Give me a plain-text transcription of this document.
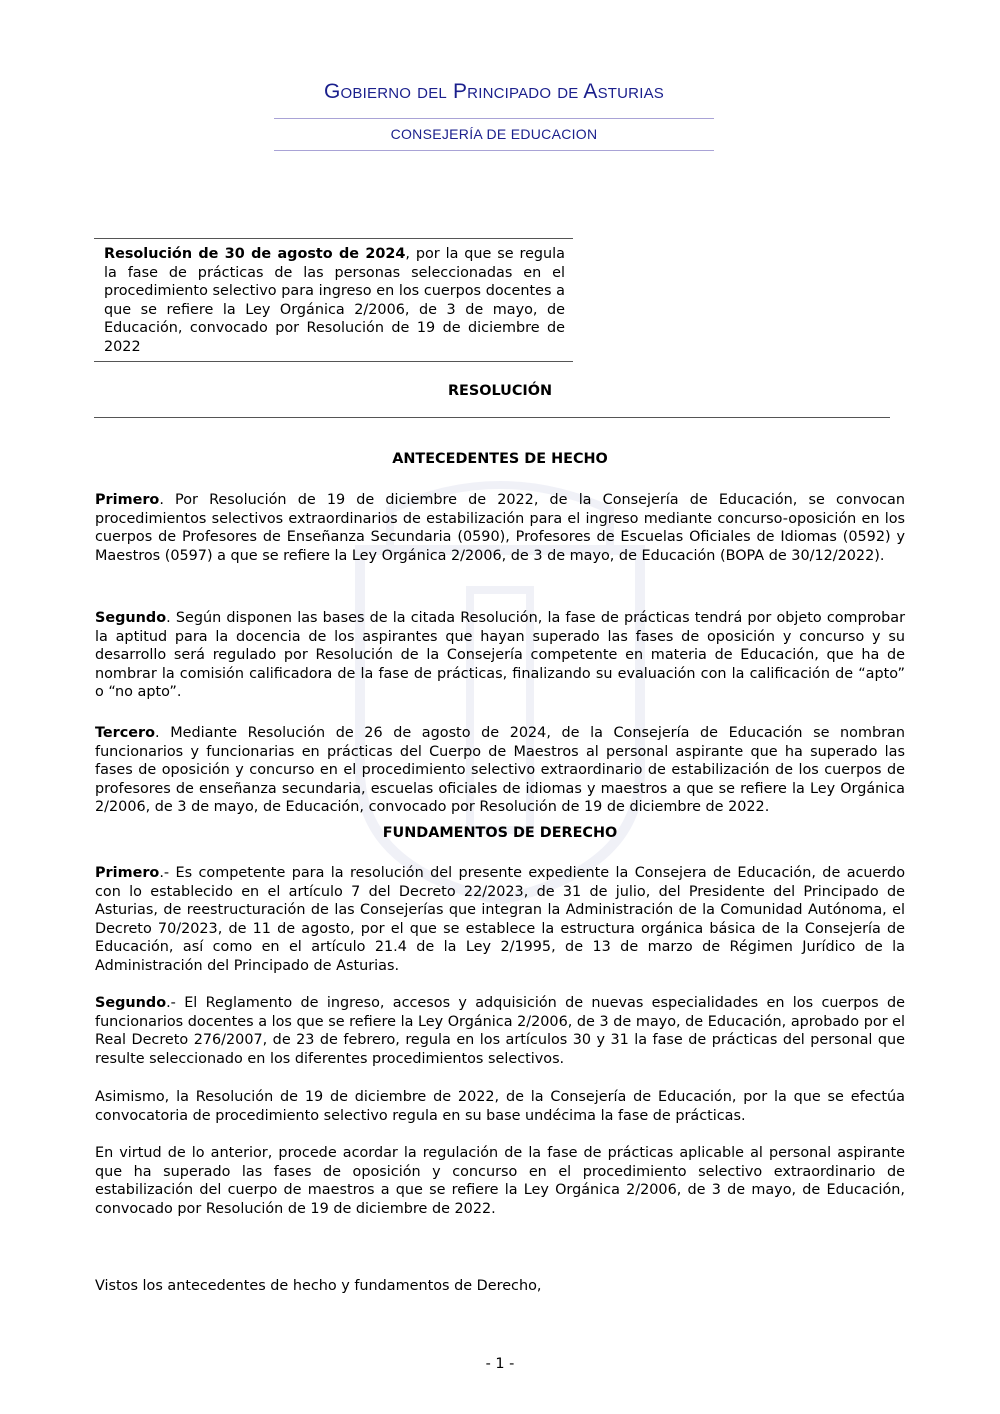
Gobierno del Principado de Asturias
CONSEJERÍA DE EDUCACION
Resolución de 30 de agosto de 2024, por la que se regula la fase de prácticas de las personas seleccionadas en el procedimiento selectivo para ingreso en los cuerpos docentes a que se refiere la Ley Orgánica 2/2006, de 3 de mayo, de Educación, convocado por Resolución de 19 de diciembre de 2022
RESOLUCIÓN
ANTECEDENTES DE HECHO
Primero. Por Resolución de 19 de diciembre de 2022, de la Consejería de Educación, se convocan procedimientos selectivos extraordinarios de estabilización para el ingreso mediante concurso-oposición en los cuerpos de Profesores de Enseñanza Secundaria (0590), Profesores de Escuelas Oficiales de Idiomas (0592) y Maestros (0597) a que se refiere la Ley Orgánica 2/2006, de 3 de mayo, de Educación (BOPA de 30/12/2022).
Segundo. Según disponen las bases de la citada Resolución, la fase de prácticas tendrá por objeto comprobar la aptitud para la docencia de los aspirantes que hayan superado las fases de oposición y concurso y su desarrollo será regulado por Resolución de la Consejería competente en materia de Educación, que ha de nombrar la comisión calificadora de la fase de prácticas, finalizando su evaluación con la calificación de “apto” o “no apto”.
Tercero. Mediante Resolución de 26 de agosto de 2024, de la Consejería de Educación se nombran funcionarios y funcionarias en prácticas del Cuerpo de Maestros al personal aspirante que ha superado las fases de oposición y concurso en el procedimiento selectivo extraordinario de estabilización de los cuerpos de profesores de enseñanza secundaria, escuelas oficiales de idiomas y maestros a que se refiere la Ley Orgánica 2/2006, de 3 de mayo, de Educación, convocado por Resolución de 19 de diciembre de 2022.
FUNDAMENTOS DE DERECHO
Primero.- Es competente para la resolución del presente expediente la Consejera de Educación, de acuerdo con lo establecido en el artículo 7 del Decreto 22/2023, de 31 de julio, del Presidente del Principado de Asturias, de reestructuración de las Consejerías que integran la Administración de la Comunidad Autónoma, el Decreto 70/2023, de 11 de agosto, por el que se establece la estructura orgánica básica de la Consejería de Educación, así como en el artículo 21.4 de la Ley 2/1995, de 13 de marzo de Régimen Jurídico de la Administración del Principado de Asturias.
Segundo.- El Reglamento de ingreso, accesos y adquisición de nuevas especialidades en los cuerpos de funcionarios docentes a los que se refiere la Ley Orgánica 2/2006, de 3 de mayo, de Educación, aprobado por el Real Decreto 276/2007, de 23 de febrero, regula en los artículos 30 y 31 la fase de prácticas del personal que resulte seleccionado en los diferentes procedimientos selectivos.
Asimismo, la Resolución de 19 de diciembre de 2022, de la Consejería de Educación, por la que se efectúa convocatoria de procedimiento selectivo regula en su base undécima la fase de prácticas.
En virtud de lo anterior, procede acordar la regulación de la fase de prácticas aplicable al personal aspirante que ha superado las fases de oposición y concurso en el procedimiento selectivo extraordinario de estabilización del cuerpo de maestros a que se refiere la Ley Orgánica 2/2006, de 3 de mayo, de Educación, convocado por Resolución de 19 de diciembre de 2022.
Vistos los antecedentes de hecho y fundamentos de Derecho,
- 1 -
